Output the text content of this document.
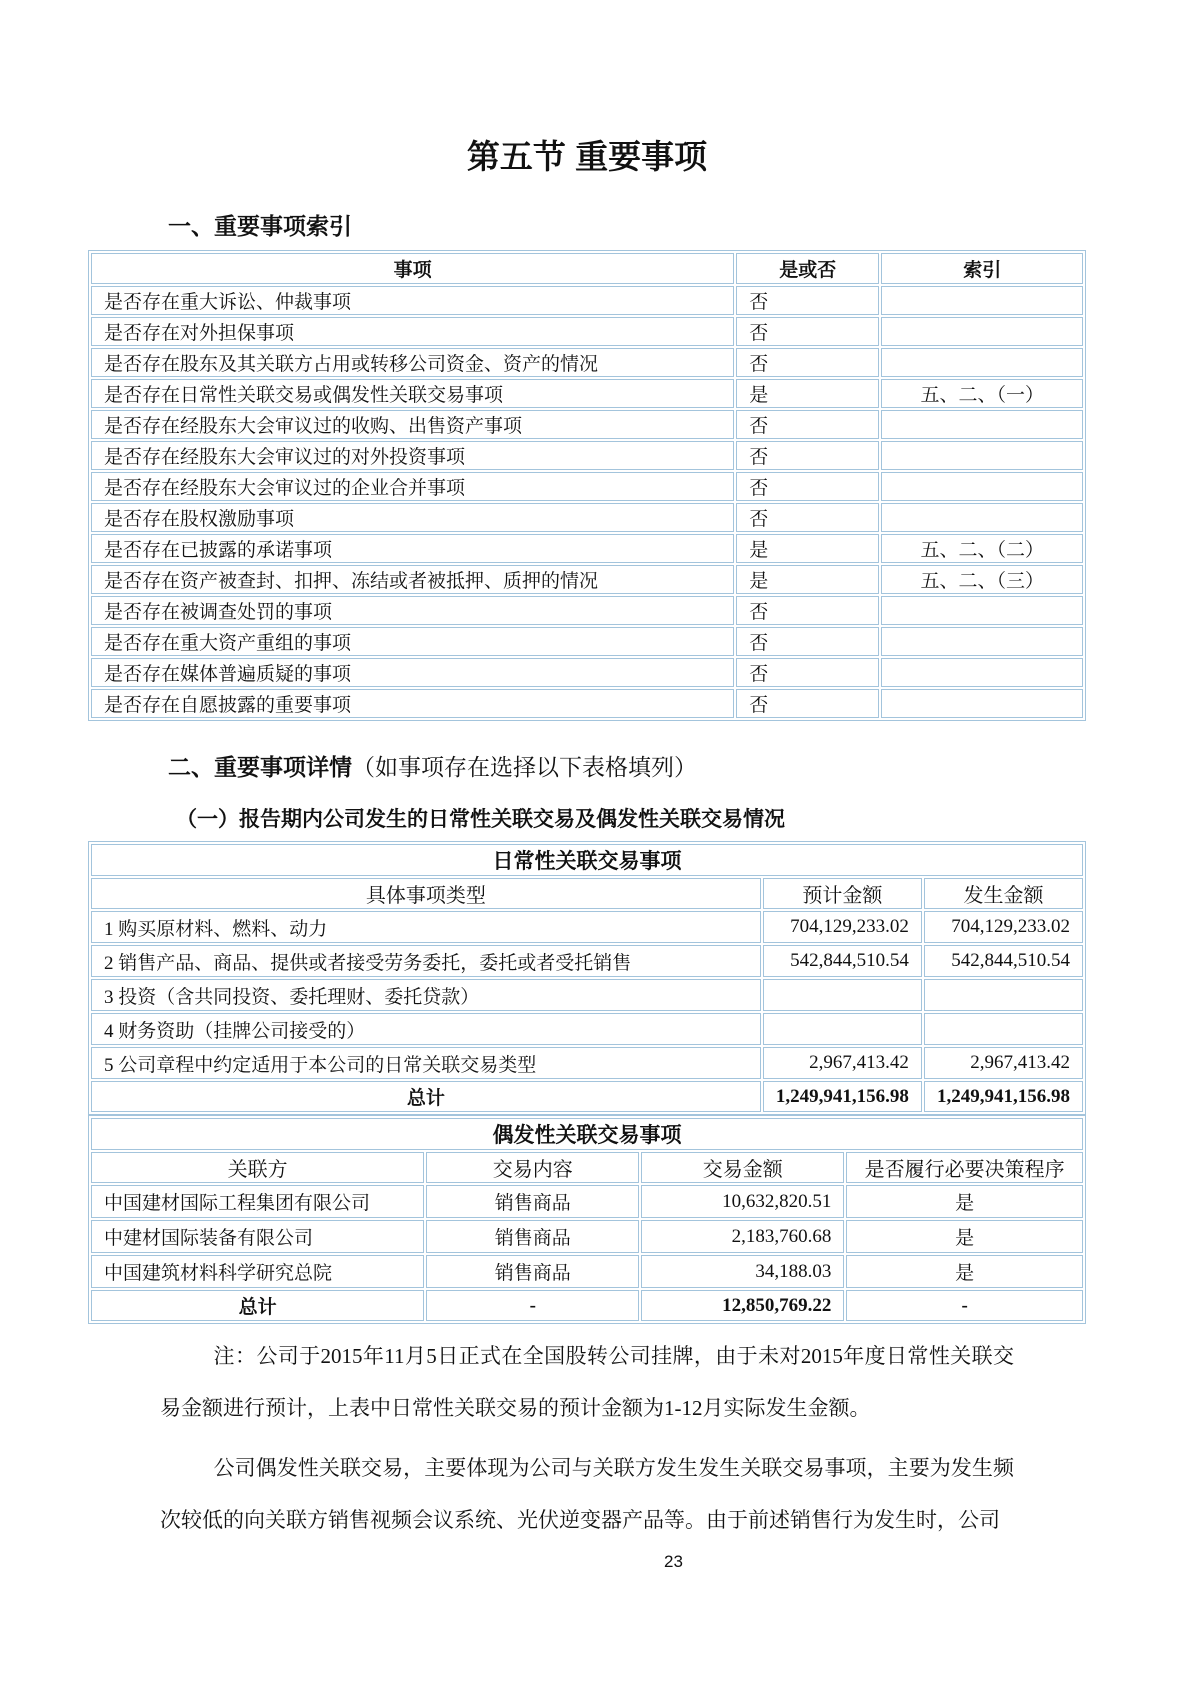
第五节 重要事项
一、重要事项索引
事项	是或否	索引
是否存在重大诉讼、仲裁事项	否	
是否存在对外担保事项	否	
是否存在股东及其关联方占用或转移公司资金、资产的情况	否	
是否存在日常性关联交易或偶发性关联交易事项	是	五、二、（一）
是否存在经股东大会审议过的收购、出售资产事项	否	
是否存在经股东大会审议过的对外投资事项	否	
是否存在经股东大会审议过的企业合并事项	否	
是否存在股权激励事项	否	
是否存在已披露的承诺事项	是	五、二、（二）
是否存在资产被查封、扣押、冻结或者被抵押、质押的情况	是	五、二、（三）
是否存在被调查处罚的事项	否	
是否存在重大资产重组的事项	否	
是否存在媒体普遍质疑的事项	否	
是否存在自愿披露的重要事项	否	
二、重要事项详情（如事项存在选择以下表格填列）
（一）报告期内公司发生的日常性关联交易及偶发性关联交易情况
日常性关联交易事项		
具体事项类型	预计金额	发生金额
1 购买原材料、燃料、动力	704,129,233.02	704,129,233.02
2 销售产品、商品、提供或者接受劳务委托，委托或者受托销售	542,844,510.54	542,844,510.54
3 投资（含共同投资、委托理财、委托贷款）		
4 财务资助（挂牌公司接受的）		
5 公司章程中约定适用于本公司的日常关联交易类型	2,967,413.42	2,967,413.42
总计	1,249,941,156.98	1,249,941,156.98
偶发性关联交易事项			
关联方	交易内容	交易金额	是否履行必要决策程序
中国建材国际工程集团有限公司	销售商品	10,632,820.51	是
中建材国际装备有限公司	销售商品	2,183,760.68	是
中国建筑材料科学研究总院	销售商品	34,188.03	是
总计	-	12,850,769.22	-

注：公司于2015年11月5日正式在全国股转公司挂牌，由于未对2015年度日常性关联交易金额进行预计，上表中日常性关联交易的预计金额为1-12月实际发生金额。

公司偶发性关联交易，主要体现为公司与关联方发生发生关联交易事项，主要为发生频次较低的向关联方销售视频会议系统、光伏逆变器产品等。由于前述销售行为发生时，公司

23
